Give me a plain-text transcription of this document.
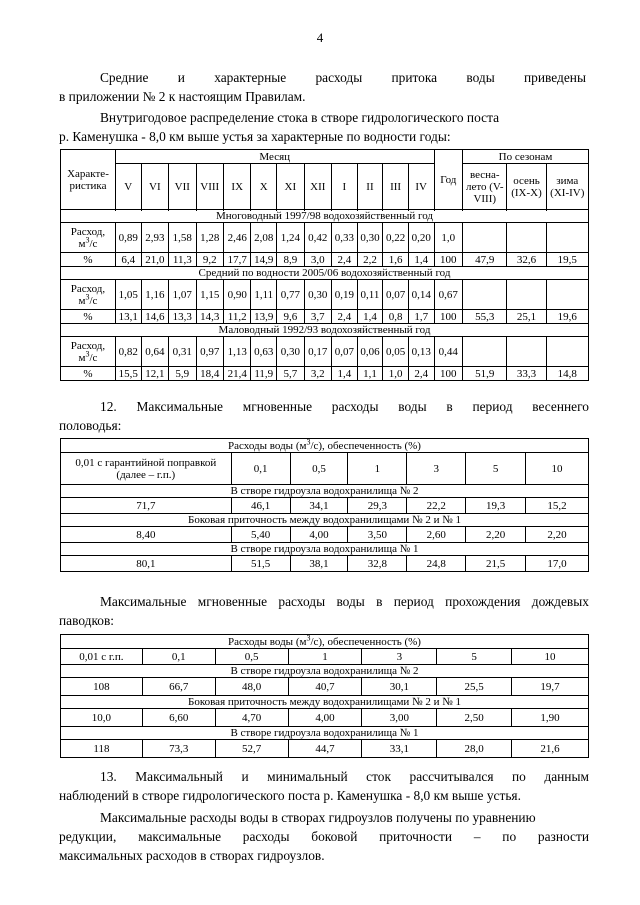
4
Средние и характерные расходы притока воды приведены
в приложении № 2 к настоящим Правилам.
Внутригодовое распределение стока в створе гидрологического поста
р. Каменушка - 8,0 км выше устья за характерные по водности годы:
Характе-ристика	Месяц												Год	По сезонам		
	V	VI	VII	VIII	IX	X	XI	XII	I	II	III	IV		весна-лето (V-VIII)	осень (IX-X)	зима (XI-IV)

Многоводный 1997/98 водохозяйственный год																
Расход, $м^3/с$	0,89	2,93	1,58	1,28	2,46	2,08	1,24	0,42	0,33	0,30	0,22	0,20	1,0			
%	6,4	21,0	11,3	9,2	17,7	14,9	8,9	3,0	2,4	2,2	1,6	1,4	100	47,9	32,6	19,5
Средний по водности 2005/06 водохозяйственный год																
Расход, $м^3/с$	1,05	1,16	1,07	1,15	0,90	1,11	0,77	0,30	0,19	0,11	0,07	0,14	0,67			
%	13,1	14,6	13,3	14,3	11,2	13,9	9,6	3,7	2,4	1,4	0,8	1,7	100	55,3	25,1	19,6
Маловодный 1992/93 водохозяйственный год																
Расход, $м^3/с$	0,82	0,64	0,31	0,97	1,13	0,63	0,30	0,17	0,07	0,06	0,05	0,13	0,44			
%	15,5	12,1	5,9	18,4	21,4	11,9	5,7	3,2	1,4	1,1	1,0	2,4	100	51,9	33,3	14,8
12. Максимальные мгновенные расходы воды в период весеннего
половодья:
Расходы воды $(м^3/с)$, обеспеченность (%)						
0,01 с гарантийной поправкой (далее – г.п.)	0,1	0,5	1	3	5	10
В створе гидроузла водохранилища № 2						
71,7	46,1	34,1	29,3	22,2	19,3	15,2
Боковая приточность между водохранилищами № 2 и № 1						
8,40	5,40	4,00	3,50	2,60	2,20	2,20
В створе гидроузла водохранилища № 1						
80,1	51,5	38,1	32,8	24,8	21,5	17,0
Максимальные мгновенные расходы воды в период прохождения дождевых
паводков:
Расходы воды $(м^3/с)$, обеспеченность (%)						
0,01 с г.п.	0,1	0,5	1	3	5	10
В створе гидроузла водохранилища № 2						
108	66,7	48,0	40,7	30,1	25,5	19,7
Боковая приточность между водохранилищами № 2 и № 1						
10,0	6,60	4,70	4,00	3,00	2,50	1,90
В створе гидроузла водохранилища № 1						
118	73,3	52,7	44,7	33,1	28,0	21,6
13. Максимальный и минимальный сток рассчитывался по данным
наблюдений в створе гидрологического поста р. Каменушка - 8,0 км выше устья.
Максимальные расходы воды в створах гидроузлов получены по уравнению
редукции, максимальные расходы боковой приточности – по разности
максимальных расходов в створах гидроузлов.
